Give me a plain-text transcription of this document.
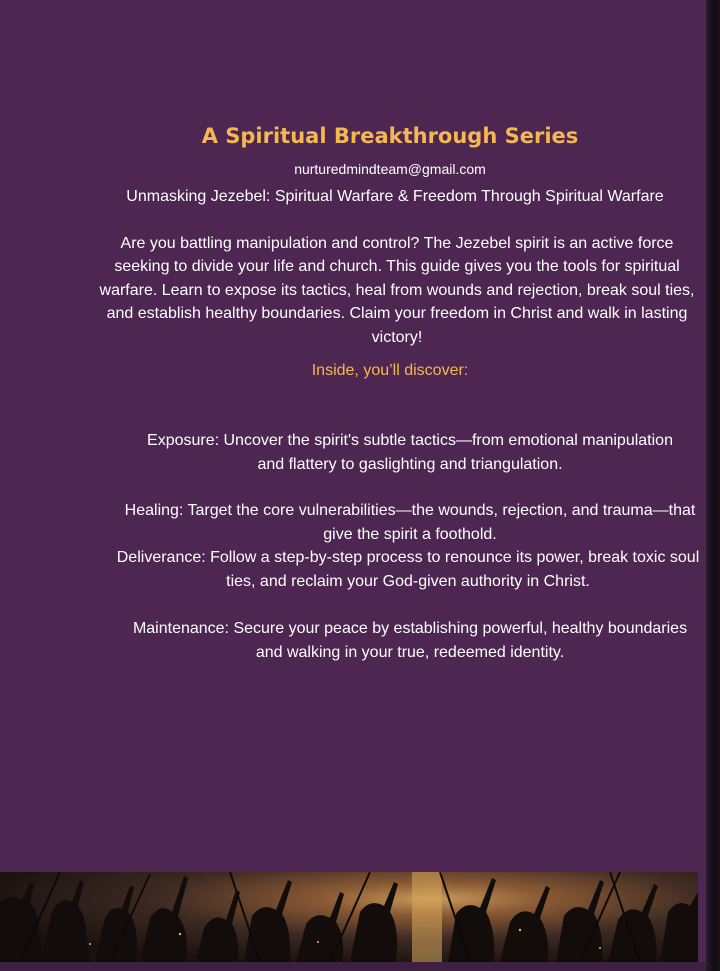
A Spiritual Breakthrough Series
nurturedmindteam@gmail.com
Unmasking Jezebel: Spiritual Warfare & Freedom Through Spiritual Warfare
Are you battling manipulation and control? The Jezebel spirit is an active force seeking to divide your life and church. This guide gives you the tools for spiritual warfare. Learn to expose its tactics, heal from wounds and rejection, break soul ties, and establish healthy boundaries. Claim your freedom in Christ and walk in lasting victory!
Inside, you’ll discover:
Exposure: Uncover the spirit's subtle tactics—from emotional manipulation and flattery to gaslighting and triangulation.
Healing: Target the core vulnerabilities—the wounds, rejection, and trauma—that give the spirit a foothold.
Deliverance: Follow a step-by-step process to renounce its power, break toxic soul ties, and reclaim your God-given authority in Christ.
Maintenance: Secure your peace by establishing powerful, healthy boundaries and walking in your true, redeemed identity.
